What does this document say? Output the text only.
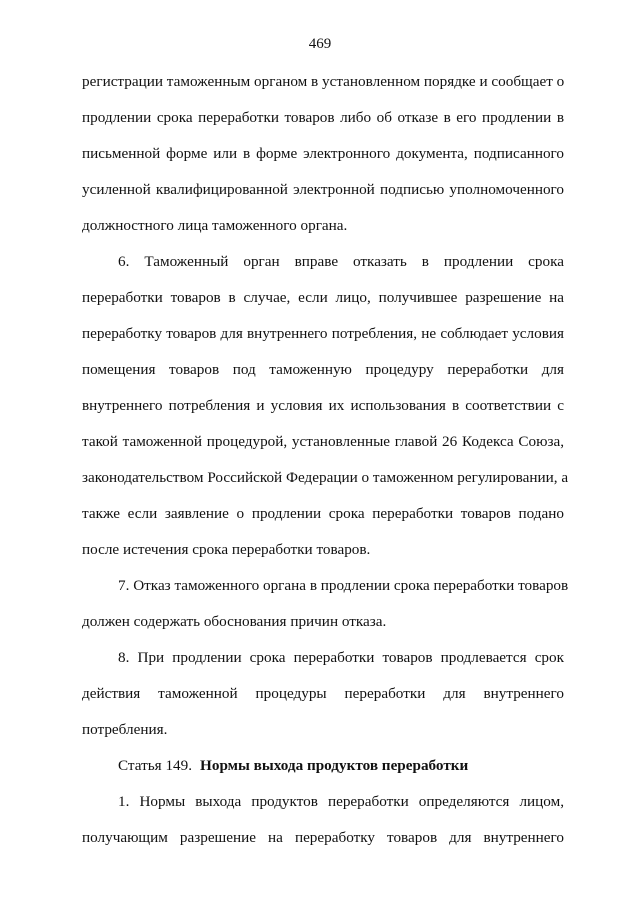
469
регистрации таможенным органом в установленном порядке и сообщает о
продлении срока переработки товаров либо об отказе в его продлении в
письменной форме или в форме электронного документа, подписанного
усиленной квалифицированной электронной подписью уполномоченного
должностного лица таможенного органа.
6. Таможенный орган вправе отказать в продлении срока
переработки товаров в случае, если лицо, получившее разрешение на
переработку товаров для внутреннего потребления, не соблюдает условия
помещения товаров под таможенную процедуру переработки для
внутреннего потребления и условия их использования в соответствии с
такой таможенной процедурой, установленные главой 26 Кодекса Союза,
законодательством Российской Федерации о таможенном регулировании, а
также если заявление о продлении срока переработки товаров подано
после истечения срока переработки товаров.
7. Отказ таможенного органа в продлении срока переработки товаров
должен содержать обоснования причин отказа.
8. При продлении срока переработки товаров продлевается срок
действия таможенной процедуры переработки для внутреннего
потребления.
Статья 149. Нормы выхода продуктов переработки
1. Нормы выхода продуктов переработки определяются лицом,
получающим разрешение на переработку товаров для внутреннего
